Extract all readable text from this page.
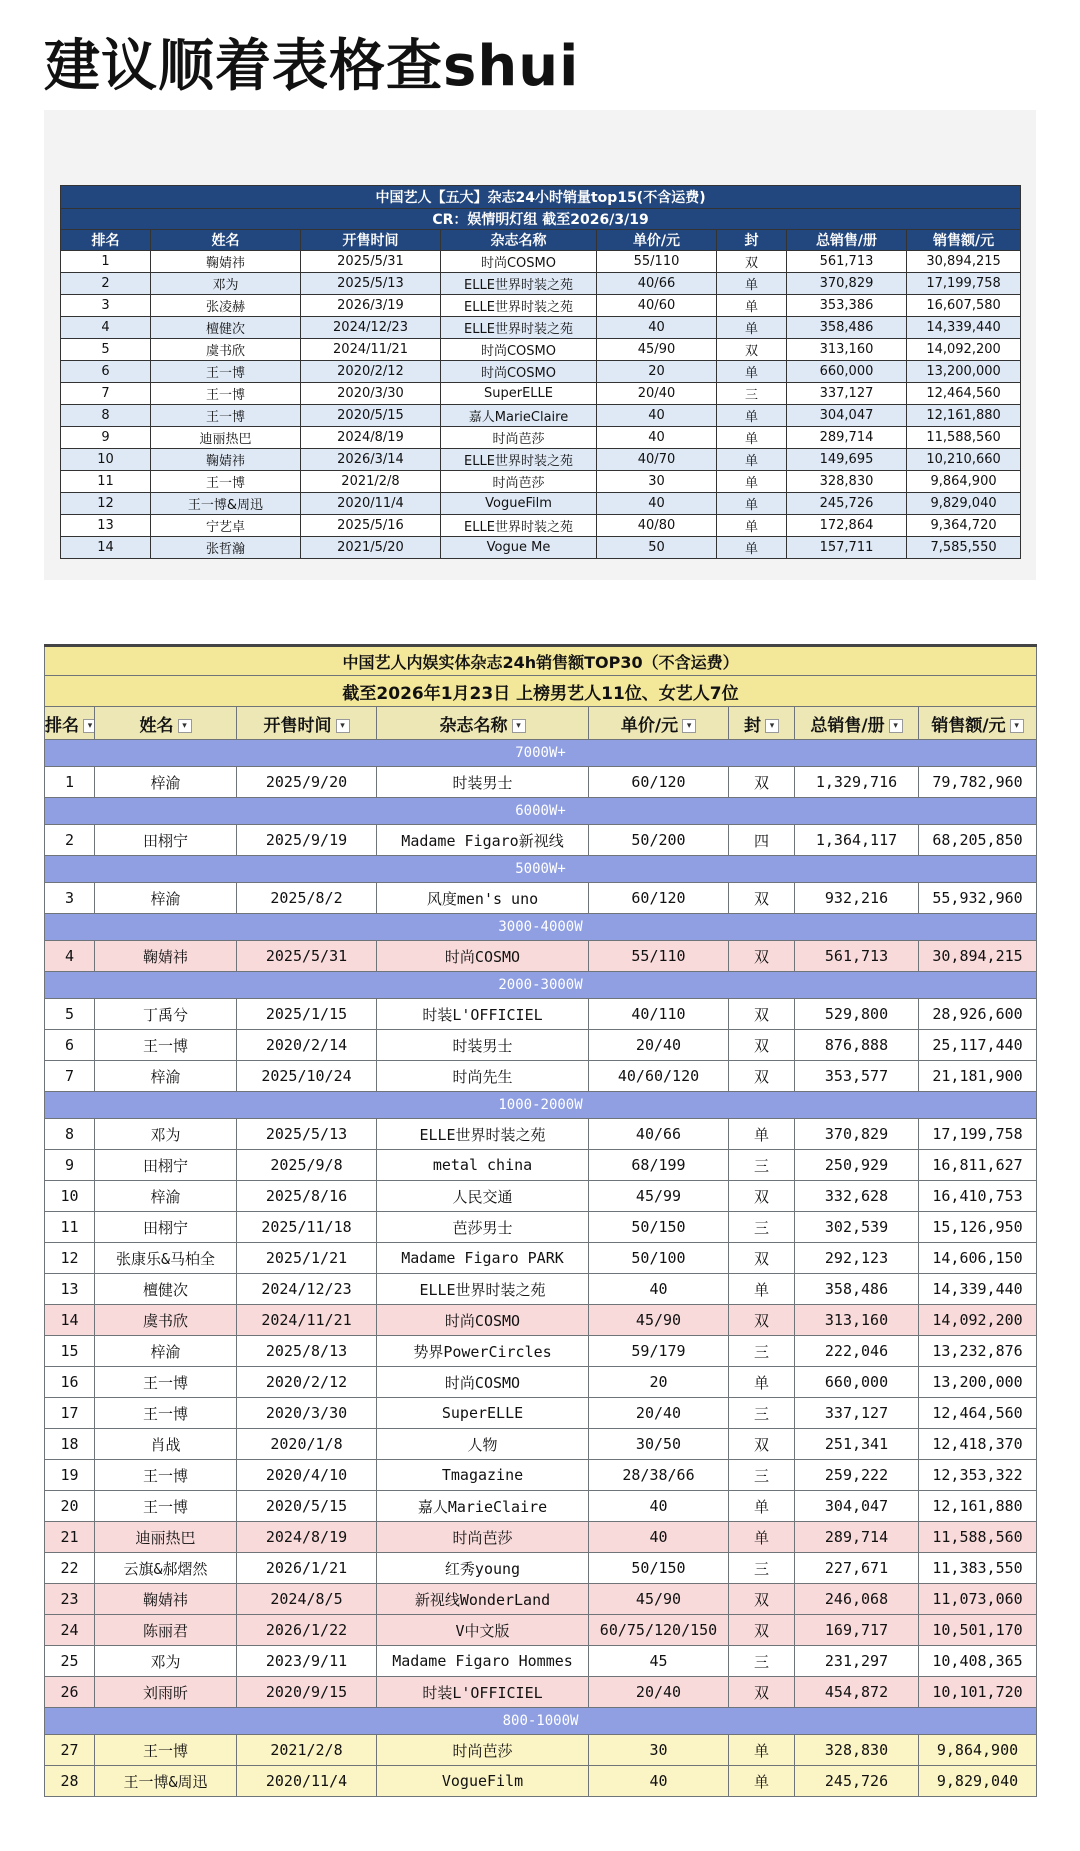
建议顺着表格查shui
中国艺人【五大】杂志24小时销量top15(不含运费)							
CR：娱情明灯组 截至2026/3/19							
排名	姓名	开售时间	杂志名称	单价/元	封	总销售/册	销售额/元
1	鞠婧祎	2025/5/31	时尚COSMO	55/110	双	561,713	30,894,215
2	邓为	2025/5/13	ELLE世界时装之苑	40/66	单	370,829	17,199,758
3	张凌赫	2026/3/19	ELLE世界时装之苑	40/60	单	353,386	16,607,580
4	檀健次	2024/12/23	ELLE世界时装之苑	40	单	358,486	14,339,440
5	虞书欣	2024/11/21	时尚COSMO	45/90	双	313,160	14,092,200
6	王一博	2020/2/12	时尚COSMO	20	单	660,000	13,200,000
7	王一博	2020/3/30	SuperELLE	20/40	三	337,127	12,464,560
8	王一博	2020/5/15	嘉人MarieClaire	40	单	304,047	12,161,880
9	迪丽热巴	2024/8/19	时尚芭莎	40	单	289,714	11,588,560
10	鞠婧祎	2026/3/14	ELLE世界时装之苑	40/70	单	149,695	10,210,660
11	王一博	2021/2/8	时尚芭莎	30	单	328,830	9,864,900
12	王一博&周迅	2020/11/4	VogueFilm	40	单	245,726	9,829,040
13	宁艺卓	2025/5/16	ELLE世界时装之苑	40/80	单	172,864	9,364,720
14	张哲瀚	2021/5/20	Vogue Me	50	单	157,711	7,585,550
中国艺人内娱实体杂志24h销售额TOP30（不含运费）							
截至2026年1月23日 上榜男艺人11位、女艺人7位							
排名 ▾	姓名 ▾	开售时间 ▾	杂志名称 ▾	单价/元 ▾	封 ▾	总销售/册 ▾	销售额/元 ▾
7000W+							
1	梓渝	2025/9/20	时装男士	60/120	双	1,329,716	79,782,960
6000W+							
2	田栩宁	2025/9/19	Madame Figaro新视线	50/200	四	1,364,117	68,205,850
5000W+							
3	梓渝	2025/8/2	风度men's uno	60/120	双	932,216	55,932,960
3000-4000W							
4	鞠婧祎	2025/5/31	时尚COSMO	55/110	双	561,713	30,894,215
2000-3000W							
5	丁禹兮	2025/1/15	时装L'OFFICIEL	40/110	双	529,800	28,926,600
6	王一博	2020/2/14	时装男士	20/40	双	876,888	25,117,440
7	梓渝	2025/10/24	时尚先生	40/60/120	双	353,577	21,181,900
1000-2000W							
8	邓为	2025/5/13	ELLE世界时装之苑	40/66	单	370,829	17,199,758
9	田栩宁	2025/9/8	metal china	68/199	三	250,929	16,811,627
10	梓渝	2025/8/16	人民交通	45/99	双	332,628	16,410,753
11	田栩宁	2025/11/18	芭莎男士	50/150	三	302,539	15,126,950
12	张康乐&马柏全	2025/1/21	Madame Figaro PARK	50/100	双	292,123	14,606,150
13	檀健次	2024/12/23	ELLE世界时装之苑	40	单	358,486	14,339,440
14	虞书欣	2024/11/21	时尚COSMO	45/90	双	313,160	14,092,200
15	梓渝	2025/8/13	势界PowerCircles	59/179	三	222,046	13,232,876
16	王一博	2020/2/12	时尚COSMO	20	单	660,000	13,200,000
17	王一博	2020/3/30	SuperELLE	20/40	三	337,127	12,464,560
18	肖战	2020/1/8	人物	30/50	双	251,341	12,418,370
19	王一博	2020/4/10	Tmagazine	28/38/66	三	259,222	12,353,322
20	王一博	2020/5/15	嘉人MarieClaire	40	单	304,047	12,161,880
21	迪丽热巴	2024/8/19	时尚芭莎	40	单	289,714	11,588,560
22	云旗&郝熠然	2026/1/21	红秀young	50/150	三	227,671	11,383,550
23	鞠婧祎	2024/8/5	新视线WonderLand	45/90	双	246,068	11,073,060
24	陈丽君	2026/1/22	V中文版	60/75/120/150	双	169,717	10,501,170
25	邓为	2023/9/11	Madame Figaro Hommes	45	三	231,297	10,408,365
26	刘雨昕	2020/9/15	时装L'OFFICIEL	20/40	双	454,872	10,101,720
800-1000W							
27	王一博	2021/2/8	时尚芭莎	30	单	328,830	9,864,900
28	王一博&周迅	2020/11/4	VogueFilm	40	单	245,726	9,829,040
